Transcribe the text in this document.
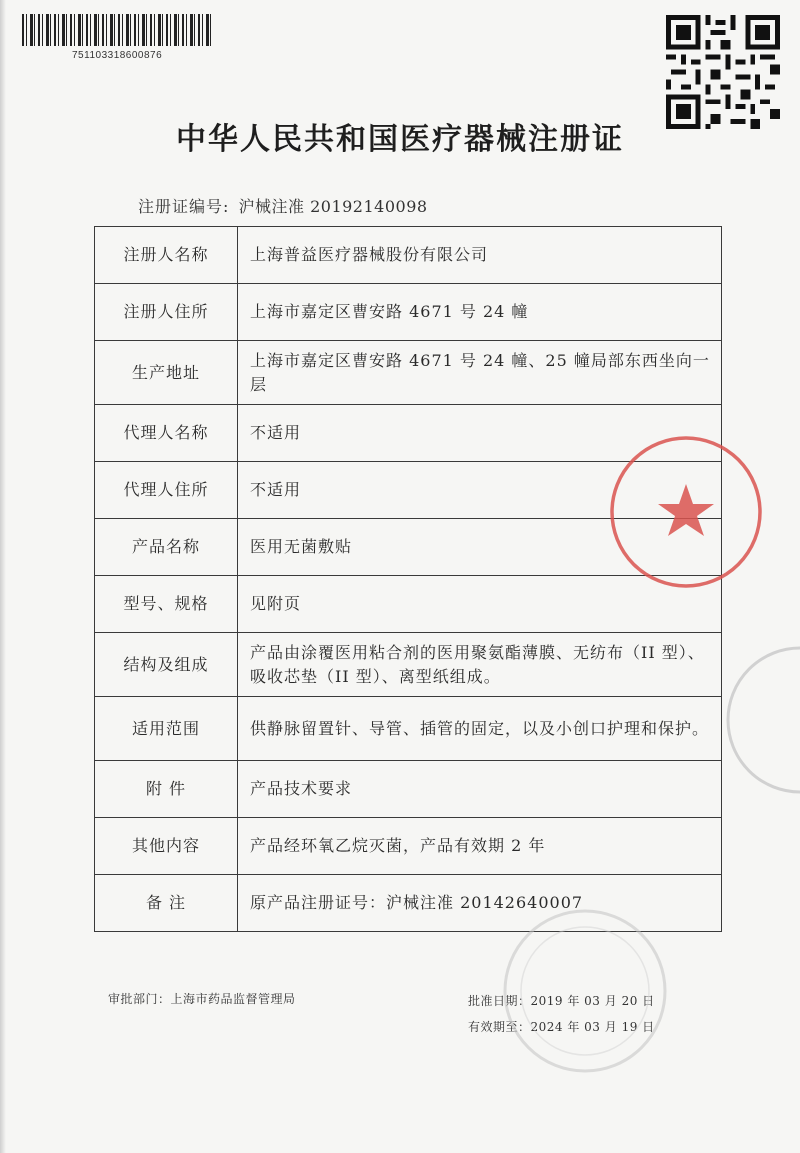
751103318600876
中华人民共和国医疗器械注册证
注册证编号: 沪械注准 20192140098
注册人名称	上海普益医疗器械股份有限公司
注册人住所	上海市嘉定区曹安路 4671 号 24 幢
生产地址	上海市嘉定区曹安路 4671 号 24 幢、25 幢局部东西坐向一层
代理人名称	不适用
代理人住所	不适用
产品名称	医用无菌敷贴
型号、规格	见附页
结构及组成	产品由涂覆医用粘合剂的医用聚氨酯薄膜、无纺布（II 型）、吸收芯垫（II 型）、离型纸组成。
适用范围	供静脉留置针、导管、插管的固定，以及小创口护理和保护。
附 件	产品技术要求
其他内容	产品经环氧乙烷灭菌，产品有效期 2 年
备 注	原产品注册证号：沪械注准 20142640007
审批部门：上海市药品监督管理局	批准日期：2019 年 03 月 20 日
有效期至：2024 年 03 月 19 日
